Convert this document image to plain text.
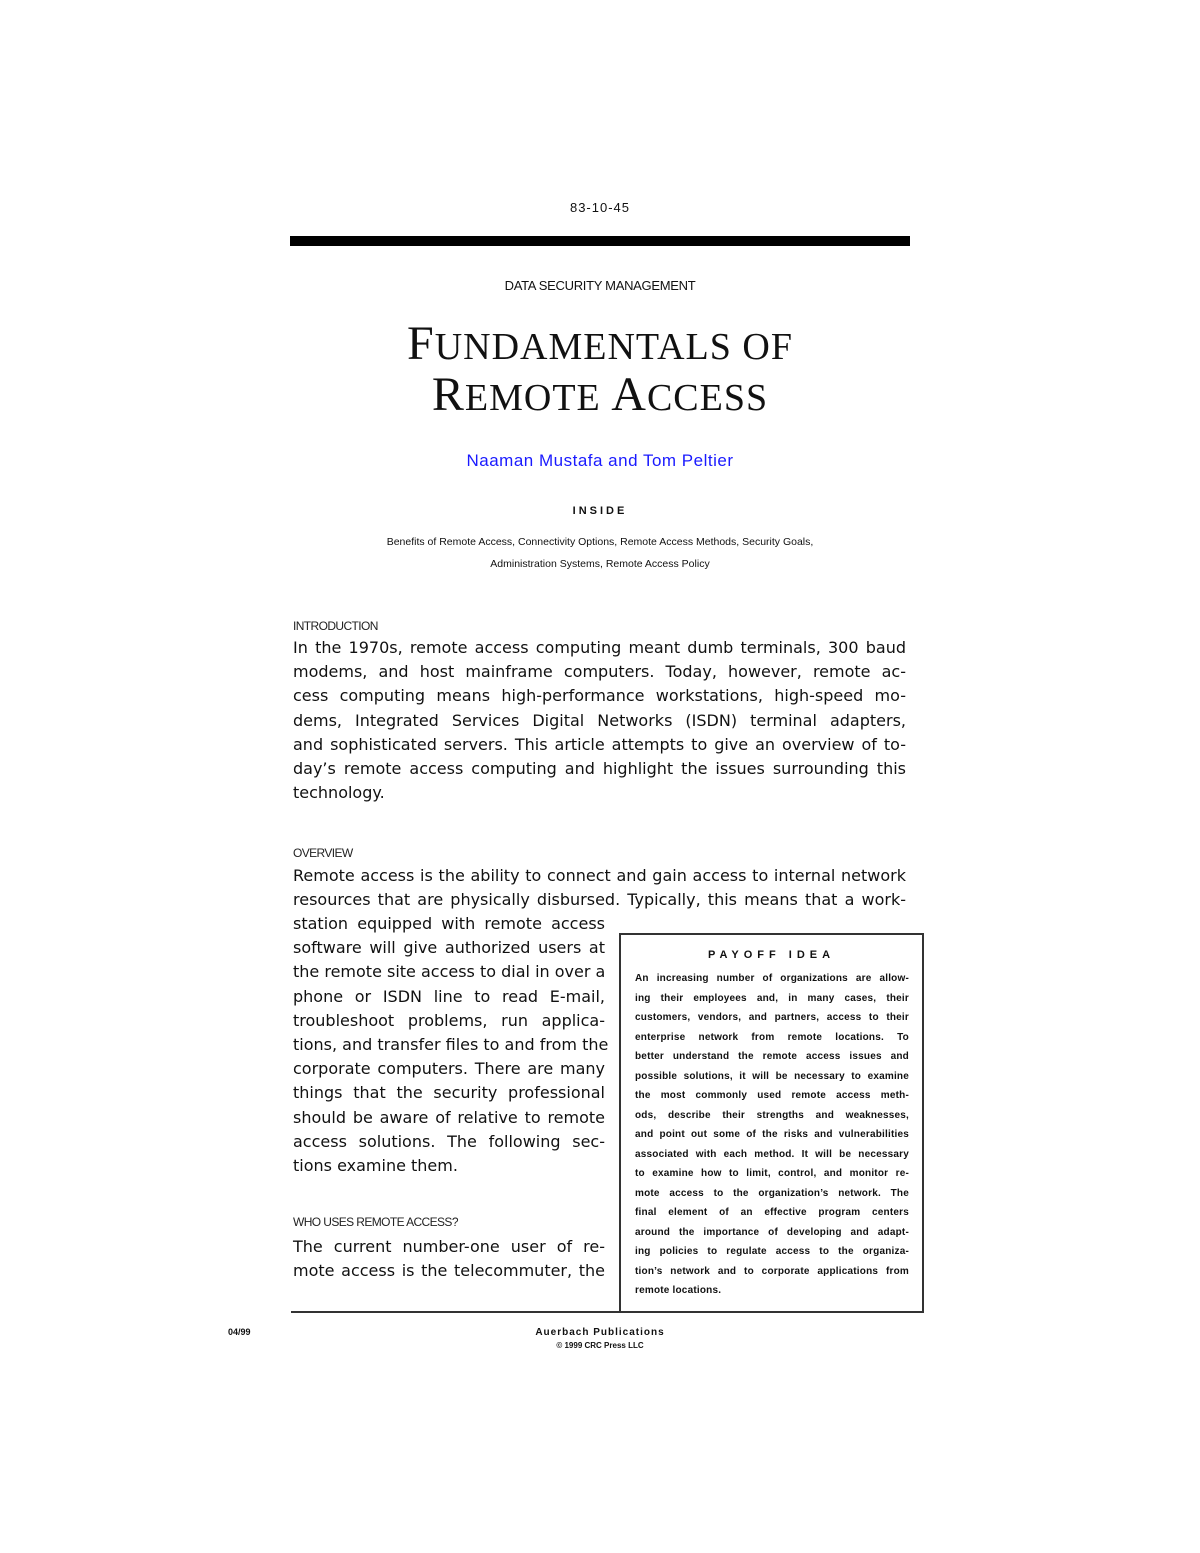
83-10-45
DATA SECURITY MANAGEMENT
FUNDAMENTALS OF
REMOTE ACCESS
Naaman Mustafa and Tom Peltier
INSIDE
Benefits of Remote Access, Connectivity Options, Remote Access Methods, Security Goals,
Administration Systems, Remote Access Policy
INTRODUCTION
In the 1970s, remote access computing meant dumb terminals, 300 baud
modems, and host mainframe computers. Today, however, remote ac-
cess computing means high-performance workstations, high-speed mo-
dems, Integrated Services Digital Networks (ISDN) terminal adapters,
and sophisticated servers. This article attempts to give an overview of to-
day’s remote access computing and highlight the issues surrounding this
technology.
OVERVIEW
Remote access is the ability to connect and gain access to internal network
resources that are physically disbursed. Typically, this means that a work-
station equipped with remote access
software will give authorized users at
the remote site access to dial in over a
phone or ISDN line to read E-mail,
troubleshoot problems, run applica-
tions, and transfer files to and from the
corporate computers. There are many
things that the security professional
should be aware of relative to remote
access solutions. The following sec-
tions examine them.
WHO USES REMOTE ACCESS?
The current number-one user of re-
mote access is the telecommuter, the
PAYOFF IDEA
An increasing number of organizations are allow-
ing their employees and, in many cases, their
customers, vendors, and partners, access to their
enterprise network from remote locations. To
better understand the remote access issues and
possible solutions, it will be necessary to examine
the most commonly used remote access meth-
ods, describe their strengths and weaknesses,
and point out some of the risks and vulnerabilities
associated with each method. It will be necessary
to examine how to limit, control, and monitor re-
mote access to the organization’s network. The
final element of an effective program centers
around the importance of developing and adapt-
ing policies to regulate access to the organiza-
tion’s network and to corporate applications from
remote locations.
04/99	Auerbach Publications
© 1999 CRC Press LLC
